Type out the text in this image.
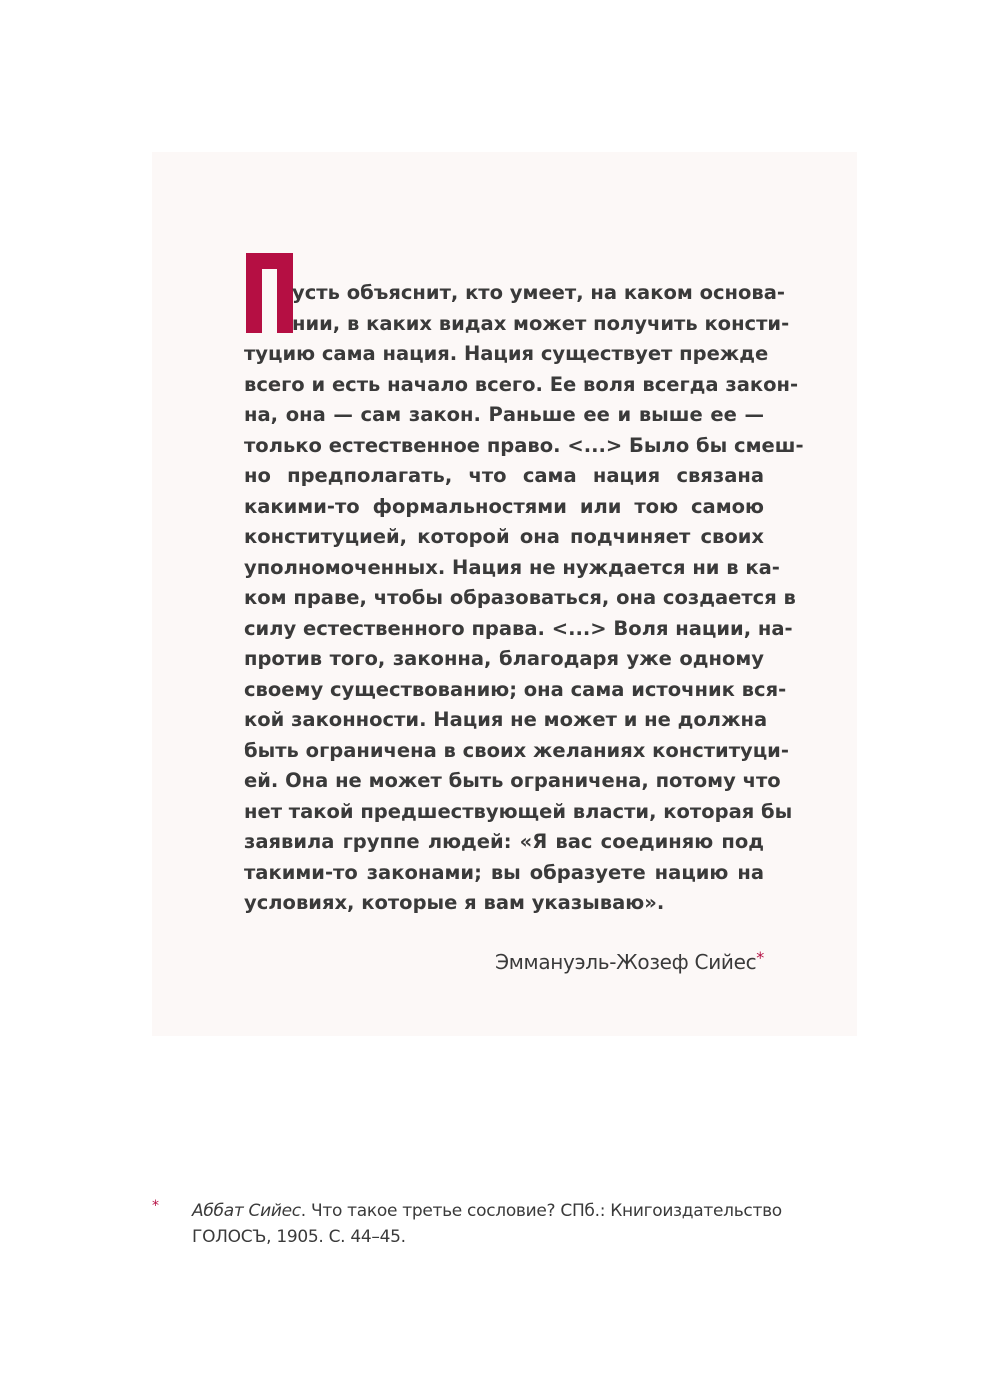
усть объяснит, кто умеет, на каком основа-
нии, в каких видах может получить консти-
туцию сама нация. Нация существует прежде
всего и есть начало всего. Ее воля всегда закон-
на, она — сам закон. Раньше ее и выше ее —
только естественное право. <...> Было бы смеш-
но предполагать, что сама нация связана
какими-то формальностями или тою самою
конституцией, которой она подчиняет своих
уполномоченных. Нация не нуждается ни в ка-
ком праве, чтобы образоваться, она создается в
силу естественного права. <...> Воля нации, на-
против того, законна, благодаря уже одному
своему существованию; она сама источник вся-
кой законности. Нация не может и не должна
быть ограничена в своих желаниях конституци-
ей. Она не может быть ограничена, потому что
нет такой предшествующей власти, которая бы
заявила группе людей: «Я вас соединяю под
такими-то законами; вы образуете нацию на
условиях, которые я вам указываю».

Эммануэль-Жозеф Сийес*

* Аббат Сийес. Что такое третье сословие? СПб.: Книгоиздательство ГОЛОСЪ, 1905. С. 44–45.
